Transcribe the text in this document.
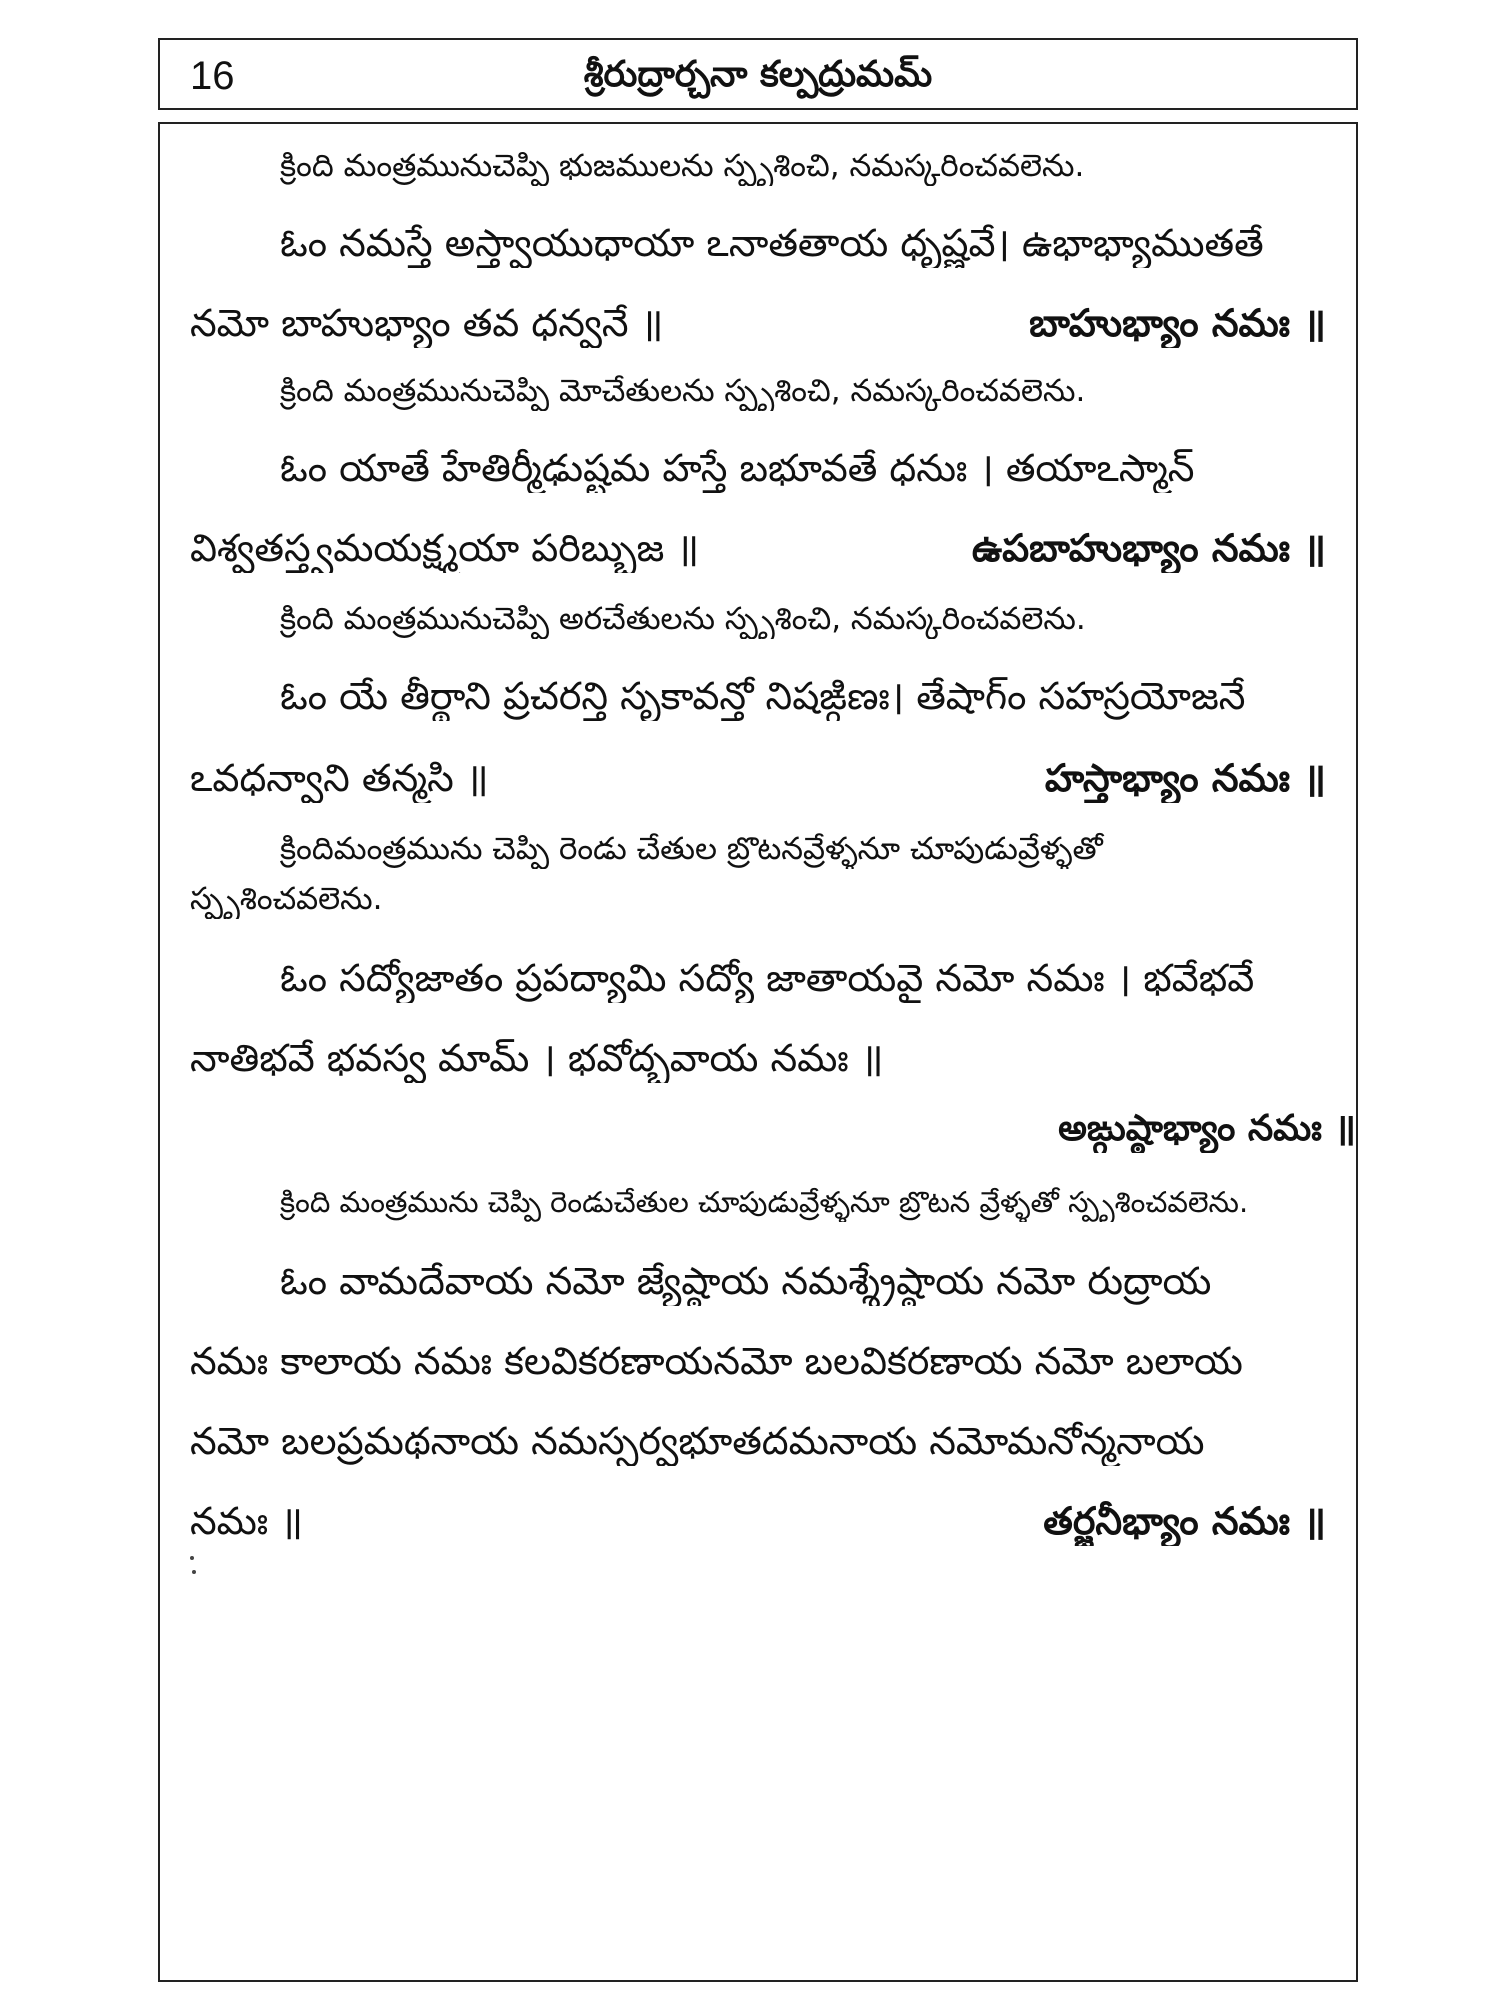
16	శ్రీరుద్రార్చనా కల్పద్రుమమ్
క్రింది మంత్రమునుచెప్పి భుజములను స్పృశించి, నమస్కరించవలెను.
ఓం నమస్తే అస్త్వాయుధాయా ఽనాతతాయ ధృష్ణవే। ఉభాభ్యాముతతే
నమో బాహుభ్యాం తవ ధన్వనే ॥	బాహుభ్యాం నమః ॥
క్రింది మంత్రమునుచెప్పి మోచేతులను స్పృశించి, నమస్కరించవలెను.
ఓం యాతే హేతిర్మీఢుష్టమ హస్తే బభూవతే ధనుః । తయాఽస్మాన్
విశ్వతస్త్వమయక్ష్మయా పరిబ్భుజ ॥	ఉపబాహుభ్యాం నమః ॥
క్రింది మంత్రమునుచెప్పి అరచేతులను స్పృశించి, నమస్కరించవలెను.
ఓం యే తీర్థాని ప్రచరన్తి సృకావన్తో నిషఙ్గిణః। తేషాగ్ం సహస్రయోజనే
ఽవధన్వాని తన్మసి ॥	హస్తాభ్యాం నమః ॥
క్రిందిమంత్రమును చెప్పి రెండు చేతుల బ్రొటనవ్రేళ్ళనూ చూపుడువ్రేళ్ళతో
స్పృశించవలెను.
ఓం సద్యోజాతం ప్రపద్యామి సద్యో జాతాయవై నమో నమః । భవేభవే
నాతిభవే భవస్వ మామ్ । భవోద్భవాయ నమః ॥
అఙ్గుష్ఠాభ్యాం నమః ॥
క్రింది మంత్రమును చెప్పి రెండుచేతుల చూపుడువ్రేళ్ళనూ బ్రొటన వ్రేళ్ళతో స్పృశించవలెను.
ఓం వామదేవాయ నమో జ్యేష్ఠాయ నమశ్శ్రేష్ఠాయ నమో రుద్రాయ
నమః కాలాయ నమః కలవికరణాయనమో బలవికరణాయ నమో బలాయ
నమో బలప్రమథనాయ నమస్సర్వభూతదమనాయ నమోమనోన్మనాయ
నమః ॥	తర్జనీభ్యాం నమః ॥
